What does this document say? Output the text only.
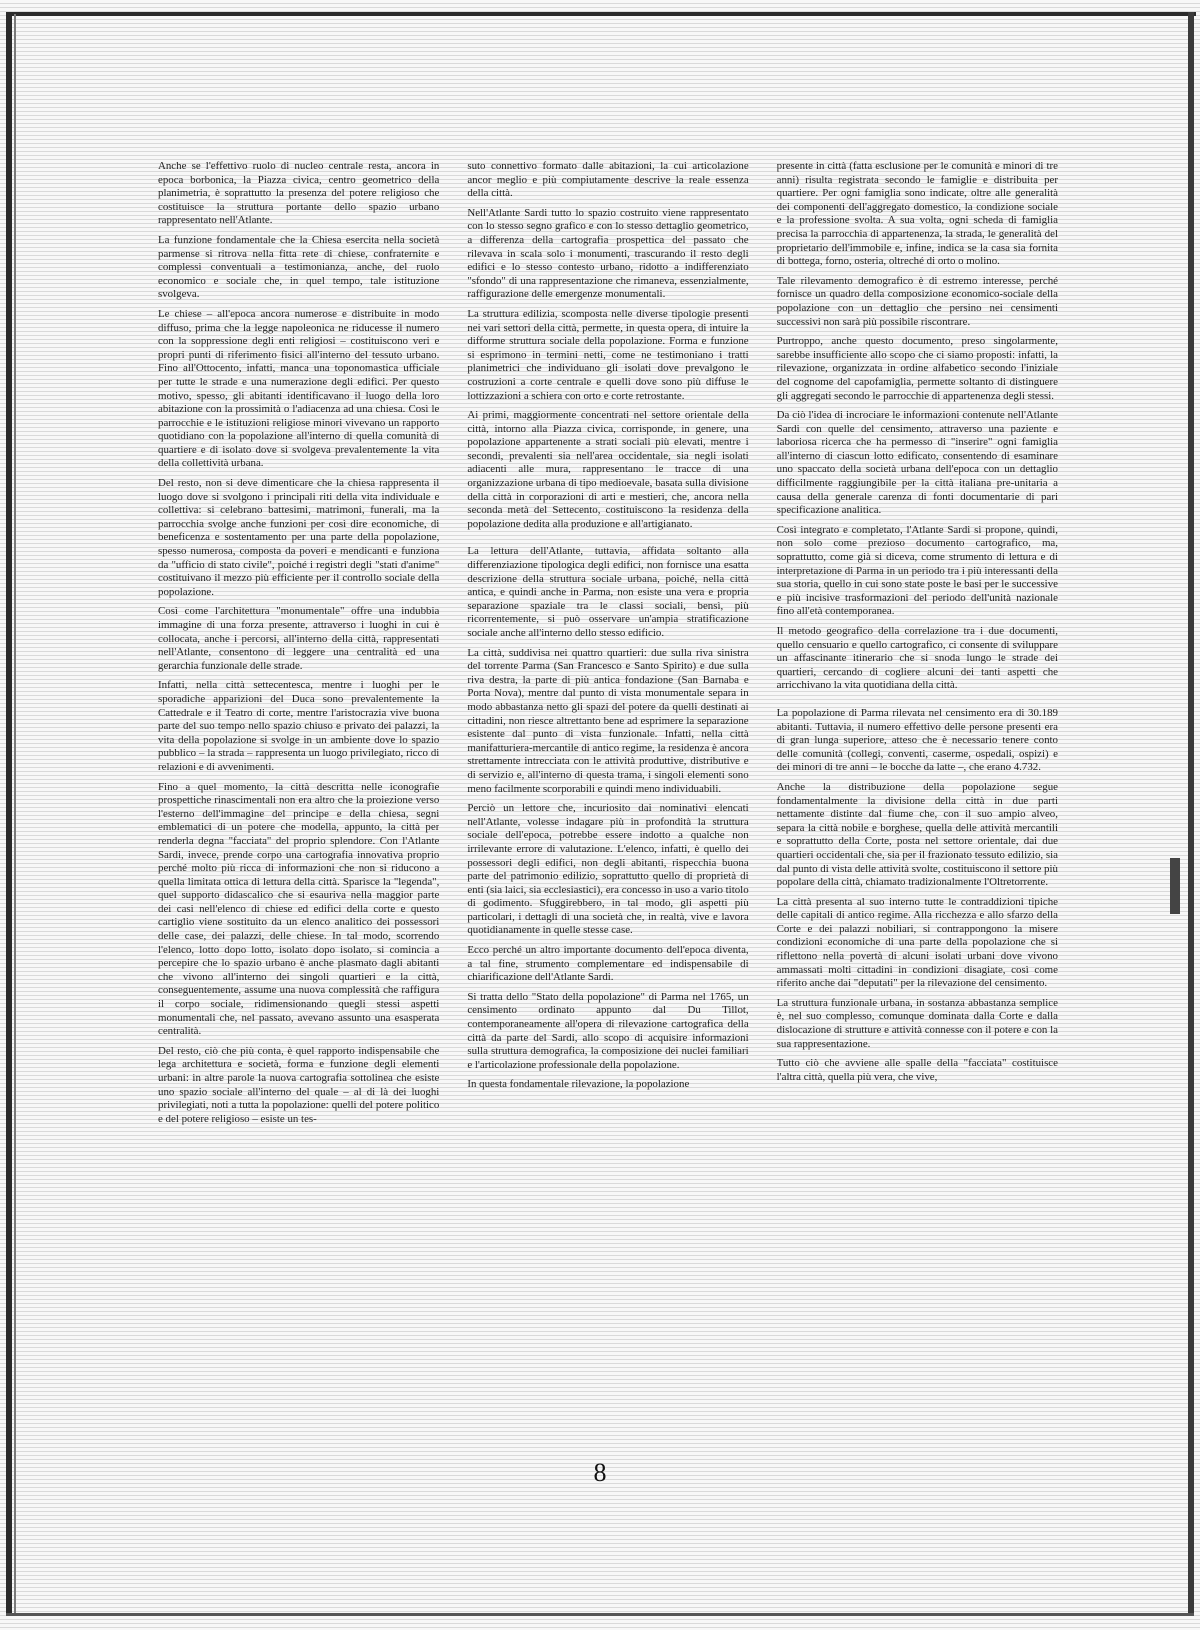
Anche se l'effettivo ruolo di nucleo centrale resta, ancora in epoca borbonica, la Piazza civica, centro geometrico della planimetria, è soprattutto la presenza del potere religioso che costituisce la struttura portante dello spazio urbano rappresentato nell'Atlante.

La funzione fondamentale che la Chiesa esercita nella società parmense si ritrova nella fitta rete di chiese, confraternite e complessi conventuali a testimonianza, anche, del ruolo economico e sociale che, in quel tempo, tale istituzione svolgeva.

Le chiese – all'epoca ancora numerose e distribuite in modo diffuso, prima che la legge napoleonica ne riducesse il numero con la soppressione degli enti religiosi – costituiscono veri e propri punti di riferimento fisici all'interno del tessuto urbano. Fino all'Ottocento, infatti, manca una toponomastica ufficiale per tutte le strade e una numerazione degli edifici. Per questo motivo, spesso, gli abitanti identificavano il luogo della loro abitazione con la prossimità o l'adiacenza ad una chiesa. Così le parrocchie e le istituzioni religiose minori vivevano un rapporto quotidiano con la popolazione all'interno di quella comunità di quartiere e di isolato dove si svolgeva prevalentemente la vita della collettività urbana.

Del resto, non si deve dimenticare che la chiesa rappresenta il luogo dove si svolgono i principali riti della vita individuale e collettiva: si celebrano battesimi, matrimoni, funerali, ma la parrocchia svolge anche funzioni per così dire economiche, di beneficenza e sostentamento per una parte della popolazione, spesso numerosa, composta da poveri e mendicanti e funziona da "ufficio di stato civile", poiché i registri degli "stati d'anime" costituivano il mezzo più efficiente per il controllo sociale della popolazione.

Così come l'architettura "monumentale" offre una indubbia immagine di una forza presente, attraverso i luoghi in cui è collocata, anche i percorsi, all'interno della città, rappresentati nell'Atlante, consentono di leggere una centralità ed una gerarchia funzionale delle strade.

Infatti, nella città settecentesca, mentre i luoghi per le sporadiche apparizioni del Duca sono prevalentemente la Cattedrale e il Teatro di corte, mentre l'aristocrazia vive buona parte del suo tempo nello spazio chiuso e privato dei palazzi, la vita della popolazione si svolge in un ambiente dove lo spazio pubblico – la strada – rappresenta un luogo privilegiato, ricco di relazioni e di avvenimenti.

Fino a quel momento, la città descritta nelle iconografie prospettiche rinascimentali non era altro che la proiezione verso l'esterno dell'immagine del principe e della chiesa, segni emblematici di un potere che modella, appunto, la città per renderla degna "facciata" del proprio splendore. Con l'Atlante Sardi, invece, prende corpo una cartografia innovativa proprio perché molto più ricca di informazioni che non si riducono a quella limitata ottica di lettura della città. Sparisce la "legenda", quel supporto didascalico che si esauriva nella maggior parte dei casi nell'elenco di chiese ed edifici della corte e questo cartiglio viene sostituito da un elenco analitico dei possessori delle case, dei palazzi, delle chiese. In tal modo, scorrendo l'elenco, lotto dopo lotto, isolato dopo isolato, si comincia a percepire che lo spazio urbano è anche plasmato dagli abitanti che vivono all'interno dei singoli quartieri e la città, conseguentemente, assume una nuova complessità che raffigura il corpo sociale, ridimensionando quegli stessi aspetti monumentali che, nel passato, avevano assunto una esasperata centralità.

Del resto, ciò che più conta, è quel rapporto indispensabile che lega architettura e società, forma e funzione degli elementi urbani: in altre parole la nuova cartografia sottolinea che esiste uno spazio sociale all'interno del quale – al di là dei luoghi privilegiati, noti a tutta la popolazione: quelli del potere politico e del potere religioso – esiste un tes-

suto connettivo formato dalle abitazioni, la cui articolazione ancor meglio e più compiutamente descrive la reale essenza della città.

Nell'Atlante Sardi tutto lo spazio costruito viene rappresentato con lo stesso segno grafico e con lo stesso dettaglio geometrico, a differenza della cartografia prospettica del passato che rilevava in scala solo i monumenti, trascurando il resto degli edifici e lo stesso contesto urbano, ridotto a indifferenziato "sfondo" di una rappresentazione che rimaneva, essenzialmente, raffigurazione delle emergenze monumentali.

La struttura edilizia, scomposta nelle diverse tipologie presenti nei vari settori della città, permette, in questa opera, di intuire la difforme struttura sociale della popolazione. Forma e funzione si esprimono in termini netti, come ne testimoniano i tratti planimetrici che individuano gli isolati dove prevalgono le costruzioni a corte centrale e quelli dove sono più diffuse le lottizzazioni a schiera con orto e corte retrostante.

Ai primi, maggiormente concentrati nel settore orientale della città, intorno alla Piazza civica, corrisponde, in genere, una popolazione appartenente a strati sociali più elevati, mentre i secondi, prevalenti sia nell'area occidentale, sia negli isolati adiacenti alle mura, rappresentano le tracce di una organizzazione urbana di tipo medioevale, basata sulla divisione della città in corporazioni di arti e mestieri, che, ancora nella seconda metà del Settecento, costituiscono la residenza della popolazione dedita alla produzione e all'artigianato.

La lettura dell'Atlante, tuttavia, affidata soltanto alla differenziazione tipologica degli edifici, non fornisce una esatta descrizione della struttura sociale urbana, poiché, nella città antica, e quindi anche in Parma, non esiste una vera e propria separazione spaziale tra le classi sociali, bensì, più ricorrentemente, si può osservare un'ampia stratificazione sociale anche all'interno dello stesso edificio.

La città, suddivisa nei quattro quartieri: due sulla riva sinistra del torrente Parma (San Francesco e Santo Spirito) e due sulla riva destra, la parte di più antica fondazione (San Barnaba e Porta Nova), mentre dal punto di vista monumentale separa in modo abbastanza netto gli spazi del potere da quelli destinati ai cittadini, non riesce altrettanto bene ad esprimere la separazione esistente dal punto di vista funzionale. Infatti, nella città manifatturiera-mercantile di antico regime, la residenza è ancora strettamente intrecciata con le attività produttive, distributive e di servizio e, all'interno di questa trama, i singoli elementi sono meno facilmente scorporabili e quindi meno individuabili.

Perciò un lettore che, incuriosito dai nominativi elencati nell'Atlante, volesse indagare più in profondità la struttura sociale dell'epoca, potrebbe essere indotto a qualche non irrilevante errore di valutazione. L'elenco, infatti, è quello dei possessori degli edifici, non degli abitanti, rispecchia buona parte del patrimonio edilizio, soprattutto quello di proprietà di enti (sia laici, sia ecclesiastici), era concesso in uso a vario titolo di godimento. Sfuggirebbero, in tal modo, gli aspetti più particolari, i dettagli di una società che, in realtà, vive e lavora quotidianamente in quelle stesse case.

Ecco perché un altro importante documento dell'epoca diventa, a tal fine, strumento complementare ed indispensabile di chiarificazione dell'Atlante Sardi.

Si tratta dello "Stato della popolazione" di Parma nel 1765, un censimento ordinato appunto dal Du Tillot, contemporaneamente all'opera di rilevazione cartografica della città da parte del Sardi, allo scopo di acquisire informazioni sulla struttura demografica, la composizione dei nuclei familiari e l'articolazione professionale della popolazione.

In questa fondamentale rilevazione, la popolazione

presente in città (fatta esclusione per le comunità e minori di tre anni) risulta registrata secondo le famiglie e distribuita per quartiere. Per ogni famiglia sono indicate, oltre alle generalità dei componenti dell'aggregato domestico, la condizione sociale e la professione svolta. A sua volta, ogni scheda di famiglia precisa la parrocchia di appartenenza, la strada, le generalità del proprietario dell'immobile e, infine, indica se la casa sia fornita di bottega, forno, osteria, oltreché di orto o molino.

Tale rilevamento demografico è di estremo interesse, perché fornisce un quadro della composizione economico-sociale della popolazione con un dettaglio che persino nei censimenti successivi non sarà più possibile riscontrare.

Purtroppo, anche questo documento, preso singolarmente, sarebbe insufficiente allo scopo che ci siamo proposti: infatti, la rilevazione, organizzata in ordine alfabetico secondo l'iniziale del cognome del capofamiglia, permette soltanto di distinguere gli aggregati secondo le parrocchie di appartenenza degli stessi.

Da ciò l'idea di incrociare le informazioni contenute nell'Atlante Sardi con quelle del censimento, attraverso una paziente e laboriosa ricerca che ha permesso di "inserire" ogni famiglia all'interno di ciascun lotto edificato, consentendo di esaminare uno spaccato della società urbana dell'epoca con un dettaglio difficilmente raggiungibile per la città italiana pre-unitaria a causa della generale carenza di fonti documentarie di pari specificazione analitica.

Così integrato e completato, l'Atlante Sardi si propone, quindi, non solo come prezioso documento cartografico, ma, soprattutto, come già si diceva, come strumento di lettura e di interpretazione di Parma in un periodo tra i più interessanti della sua storia, quello in cui sono state poste le basi per le successive e più incisive trasformazioni del periodo dell'unità nazionale fino all'età contemporanea.

Il metodo geografico della correlazione tra i due documenti, quello censuario e quello cartografico, ci consente di sviluppare un affascinante itinerario che si snoda lungo le strade dei quartieri, cercando di cogliere alcuni dei tanti aspetti che arricchivano la vita quotidiana della città.

La popolazione di Parma rilevata nel censimento era di 30.189 abitanti. Tuttavia, il numero effettivo delle persone presenti era di gran lunga superiore, atteso che è necessario tenere conto delle comunità (collegi, conventi, caserme, ospedali, ospizi) e dei minori di tre anni – le bocche da latte –, che erano 4.732.

Anche la distribuzione della popolazione segue fondamentalmente la divisione della città in due parti nettamente distinte dal fiume che, con il suo ampio alveo, separa la città nobile e borghese, quella delle attività mercantili e soprattutto della Corte, posta nel settore orientale, dai due quartieri occidentali che, sia per il frazionato tessuto edilizio, sia dal punto di vista delle attività svolte, costituiscono il settore più popolare della città, chiamato tradizionalmente l'Oltretorrente.

La città presenta al suo interno tutte le contraddizioni tipiche delle capitali di antico regime. Alla ricchezza e allo sfarzo della Corte e dei palazzi nobiliari, si contrappongono la misere condizioni economiche di una parte della popolazione che si riflettono nella povertà di alcuni isolati urbani dove vivono ammassati molti cittadini in condizioni disagiate, così come riferito anche dai "deputati" per la rilevazione del censimento.

La struttura funzionale urbana, in sostanza abbastanza semplice è, nel suo complesso, comunque dominata dalla Corte e dalla dislocazione di strutture e attività connesse con il potere e con la sua rappresentazione.

Tutto ciò che avviene alle spalle della "facciata" costituisce l'altra città, quella più vera, che vive,

8
